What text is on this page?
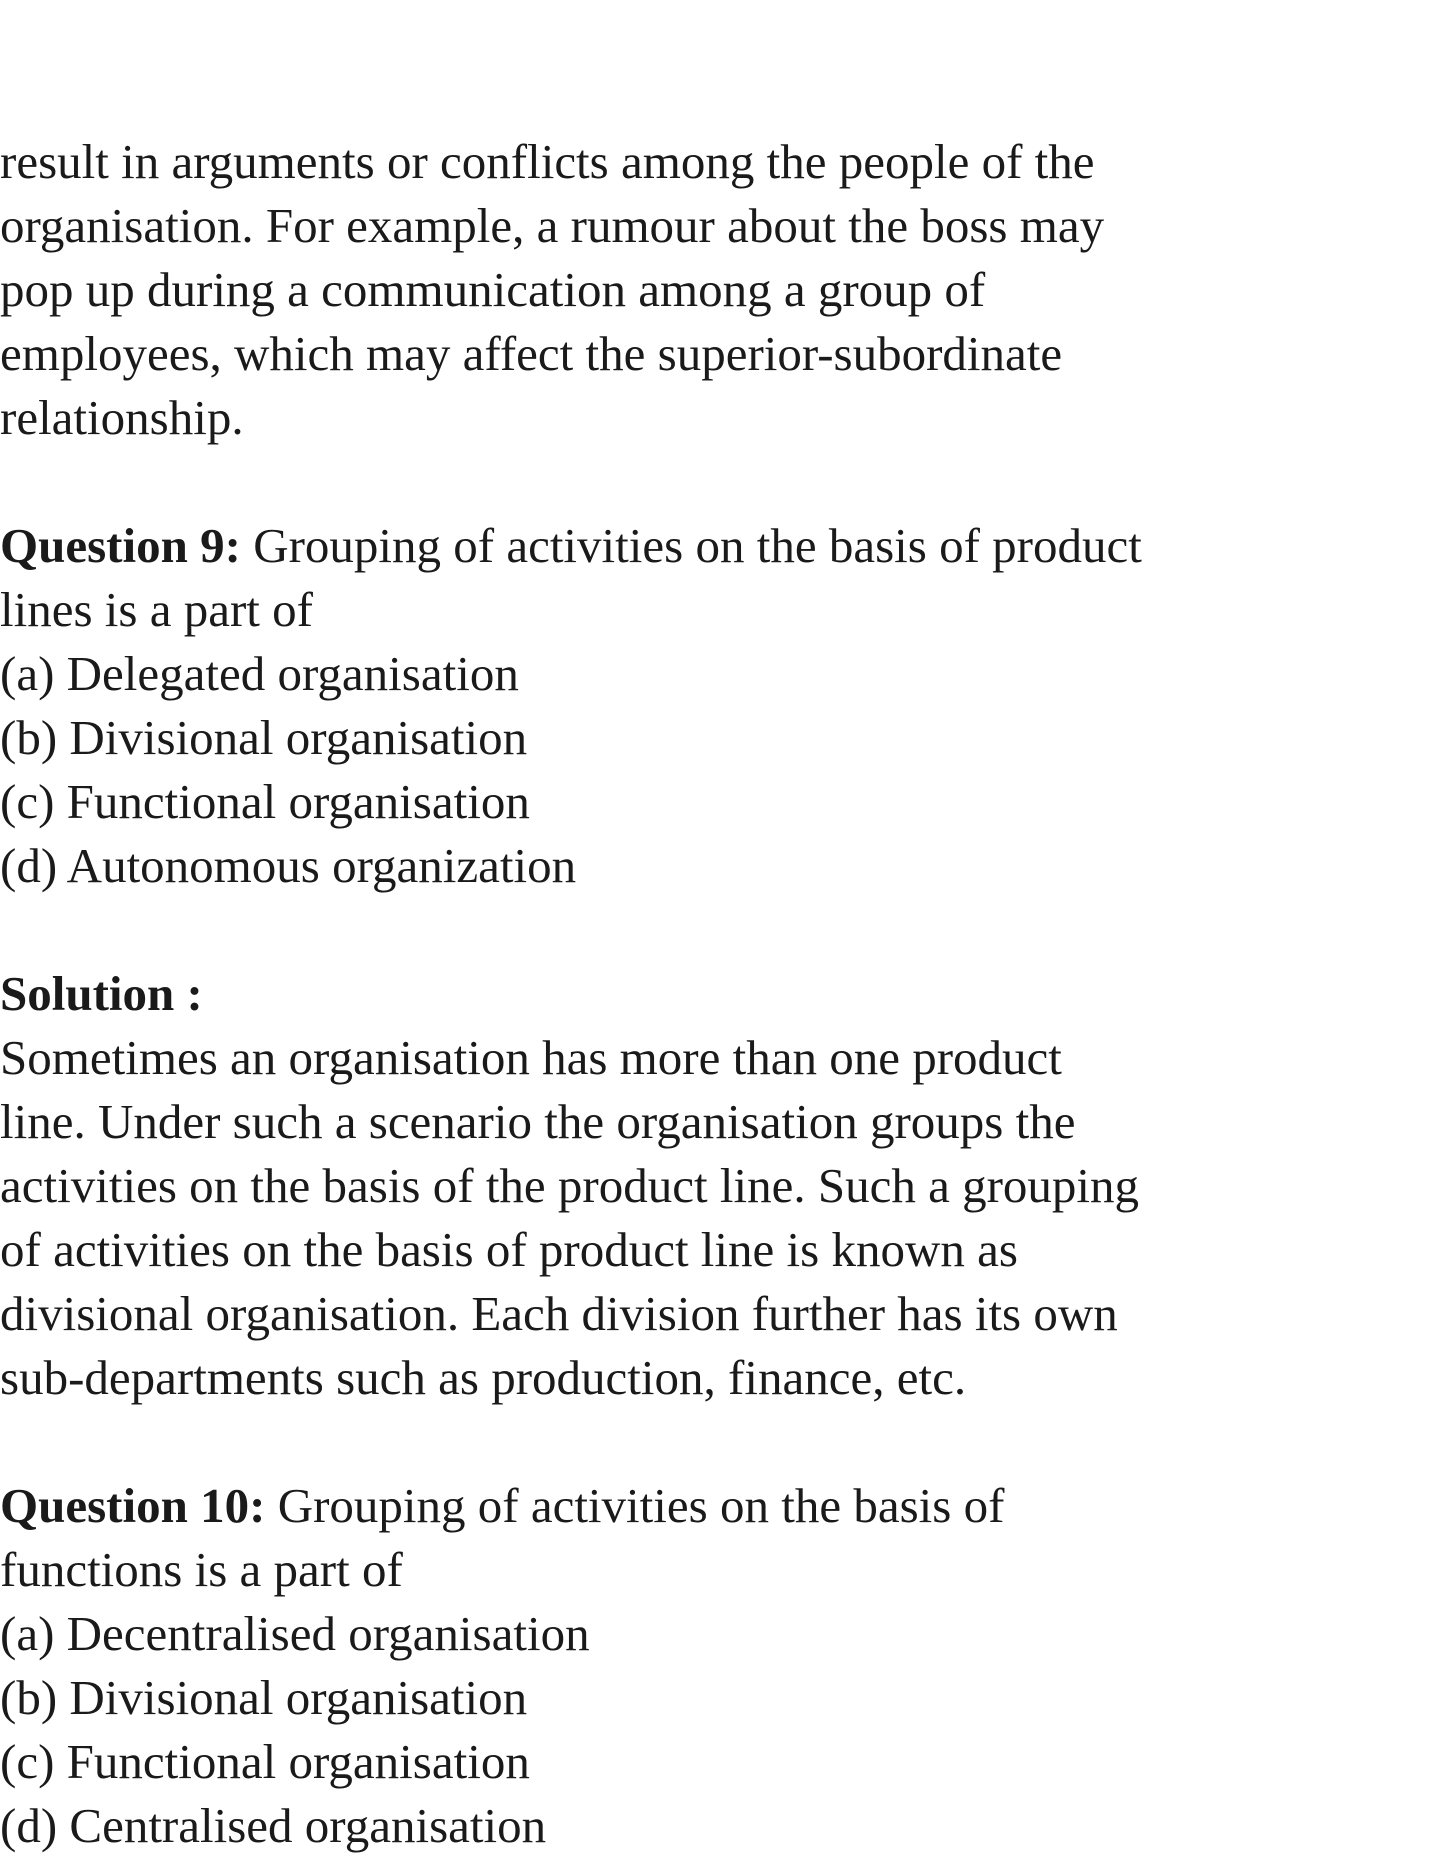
result in arguments or conflicts among the people of the
organisation. For example, a rumour about the boss may
pop up during a communication among a group of
employees, which may affect the superior-subordinate
relationship.
Question 9: Grouping of activities on the basis of product
lines is a part of
(a) Delegated organisation
(b) Divisional organisation
(c) Functional organisation
(d) Autonomous organization
Solution :
Sometimes an organisation has more than one product
line. Under such a scenario the organisation groups the
activities on the basis of the product line. Such a grouping
of activities on the basis of product line is known as
divisional organisation. Each division further has its own
sub-departments such as production, finance, etc.
Question 10: Grouping of activities on the basis of
functions is a part of
(a) Decentralised organisation
(b) Divisional organisation
(c) Functional organisation
(d) Centralised organisation
